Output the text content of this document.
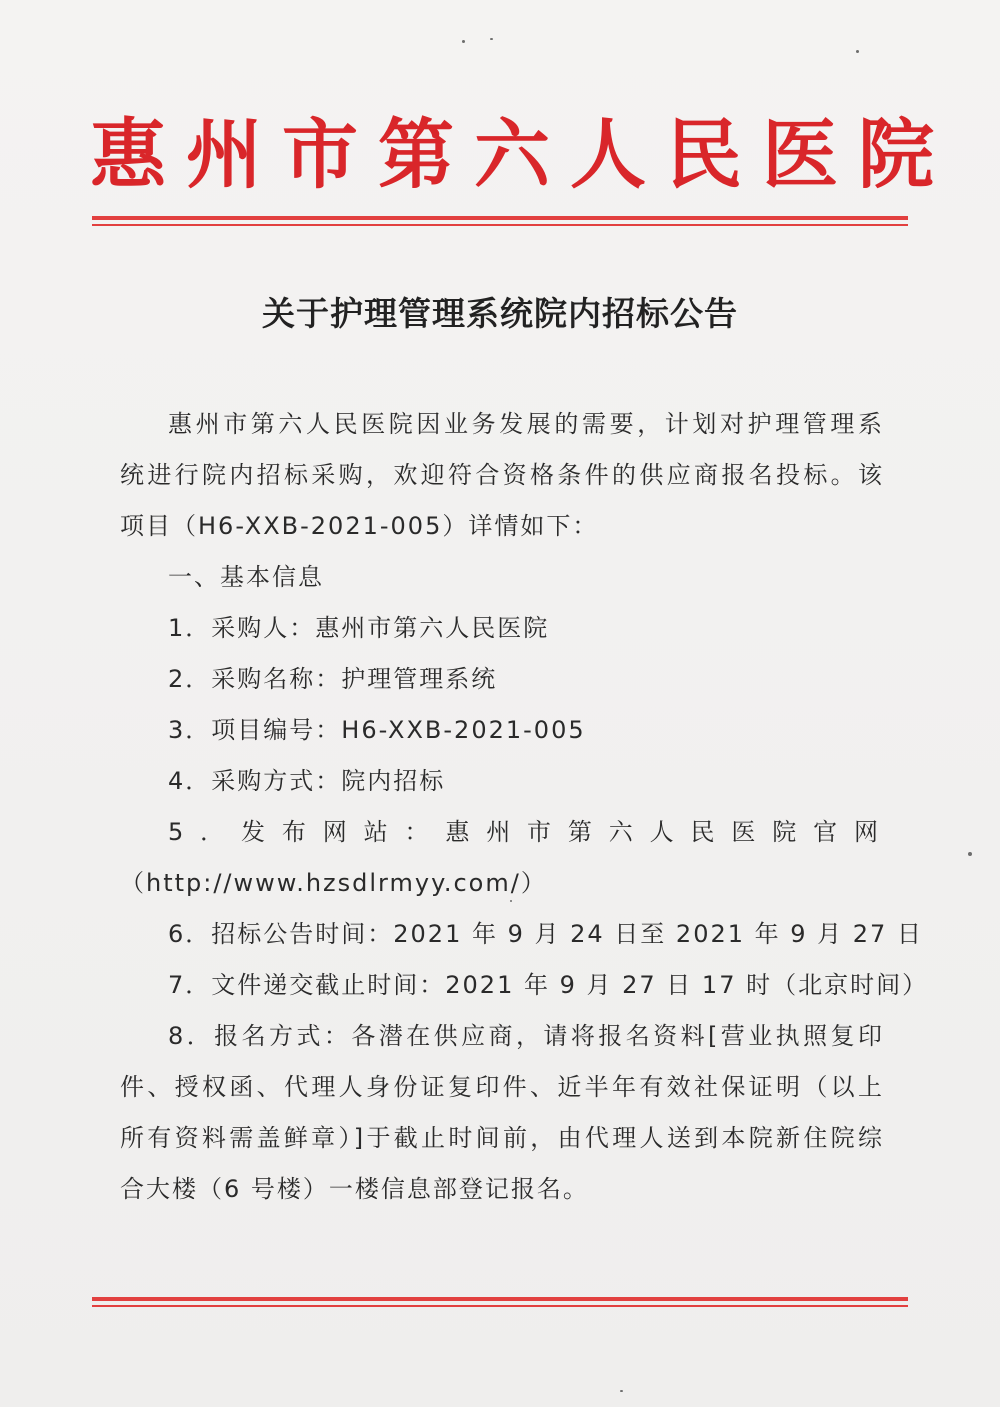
惠州市第六人民医院
关于护理管理系统院内招标公告
惠州市第六人民医院因业务发展的需要，计划对护理管理系
统进行院内招标采购，欢迎符合资格条件的供应商报名投标。该
项目（H6-XXB-2021-005）详情如下：
一、基本信息
1．采购人：惠州市第六人民医院
2．采购名称：护理管理系统
3．项目编号：H6-XXB-2021-005
4．采购方式：院内招标
5．发布网站：惠州市第六人民医院官网
（http://www.hzsdlrmyy.com/）
6．招标公告时间：2021 年 9 月 24 日至 2021 年 9 月 27 日
7．文件递交截止时间：2021 年 9 月 27 日 17 时（北京时间）
8．报名方式：各潜在供应商，请将报名资料[营业执照复印
件、授权函、代理人身份证复印件、近半年有效社保证明（以上
所有资料需盖鲜章）]于截止时间前，由代理人送到本院新住院综
合大楼（6 号楼）一楼信息部登记报名。
